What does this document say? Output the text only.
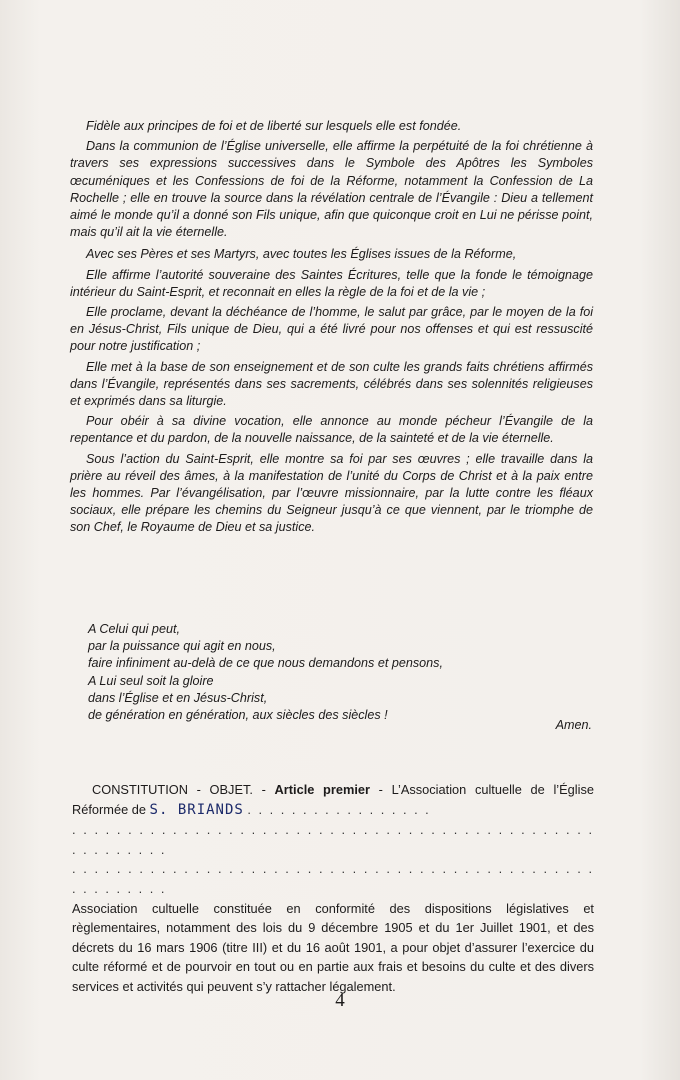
Fidèle aux principes de foi et de liberté sur lesquels elle est fondée.

Dans la communion de l’Église universelle, elle affirme la perpétuité de la foi chrétienne à travers ses expressions successives dans le Symbole des Apôtres les Symboles œcuméniques et les Confessions de foi de la Réforme, notamment la Confession de La Rochelle ; elle en trouve la source dans la révélation centrale de l’Évangile : Dieu a tellement aimé le monde qu’il a donné son Fils unique, afin que quiconque croit en Lui ne périsse point, mais qu’il ait la vie éternelle.

Avec ses Pères et ses Martyrs, avec toutes les Églises issues de la Réforme,

Elle affirme l’autorité souveraine des Saintes Écritures, telle que la fonde le témoignage intérieur du Saint-Esprit, et reconnait en elles la règle de la foi et de la vie ;

Elle proclame, devant la déchéance de l’homme, le salut par grâce, par le moyen de la foi en Jésus-Christ, Fils unique de Dieu, qui a été livré pour nos offenses et qui est ressuscité pour notre justification ;

Elle met à la base de son enseignement et de son culte les grands faits chrétiens affirmés dans l’Évangile, représentés dans ses sacrements, célébrés dans ses solennités religieuses et exprimés dans sa liturgie.

Pour obéir à sa divine vocation, elle annonce au monde pécheur l’Évangile de la repentance et du pardon, de la nouvelle naissance, de la sainteté et de la vie éternelle.

Sous l’action du Saint-Esprit, elle montre sa foi par ses œuvres ; elle travaille dans la prière au réveil des âmes, à la manifestation de l’unité du Corps de Christ et à la paix entre les hommes. Par l’évangélisation, par l’œuvre missionnaire, par la lutte contre les fléaux sociaux, elle prépare les chemins du Seigneur jusqu’à ce que viennent, par le triomphe de son Chef, le Royaume de Dieu et sa justice.

A Celui qui peut,
par la puissance qui agit en nous,
faire infiniment au-delà de ce que nous demandons et pensons,
A Lui seul soit la gloire
dans l’Église et en Jésus-Christ,
de génération en génération, aux siècles des siècles !
Amen.
CONSTITUTION - OBJET. - Article premier - L’Association cultuelle de l’Église Réformée de S. BRIANDS . . . . . . . . . . . . . . . . .
. . . . . . . . . . . . . . . . . . . . . . . . . . . . . . . . . . . . . . . . . . . . . . . . . . . . . . . .
. . . . . . . . . . . . . . . . . . . . . . . . . . . . . . . . . . . . . . . . . . . . . . . . . . . . . . . .
Association cultuelle constituée en conformité des dispositions législatives et règlementaires, notamment des lois du 9 décembre 1905 et du 1er Juillet 1901, et des décrets du 16 mars 1906 (titre III) et du 16 août 1901, a pour objet d’assurer l’exercice du culte réformé et de pourvoir en tout ou en partie aux frais et besoins du culte et des divers services et activités qui peuvent s’y rattacher légalement.
4
